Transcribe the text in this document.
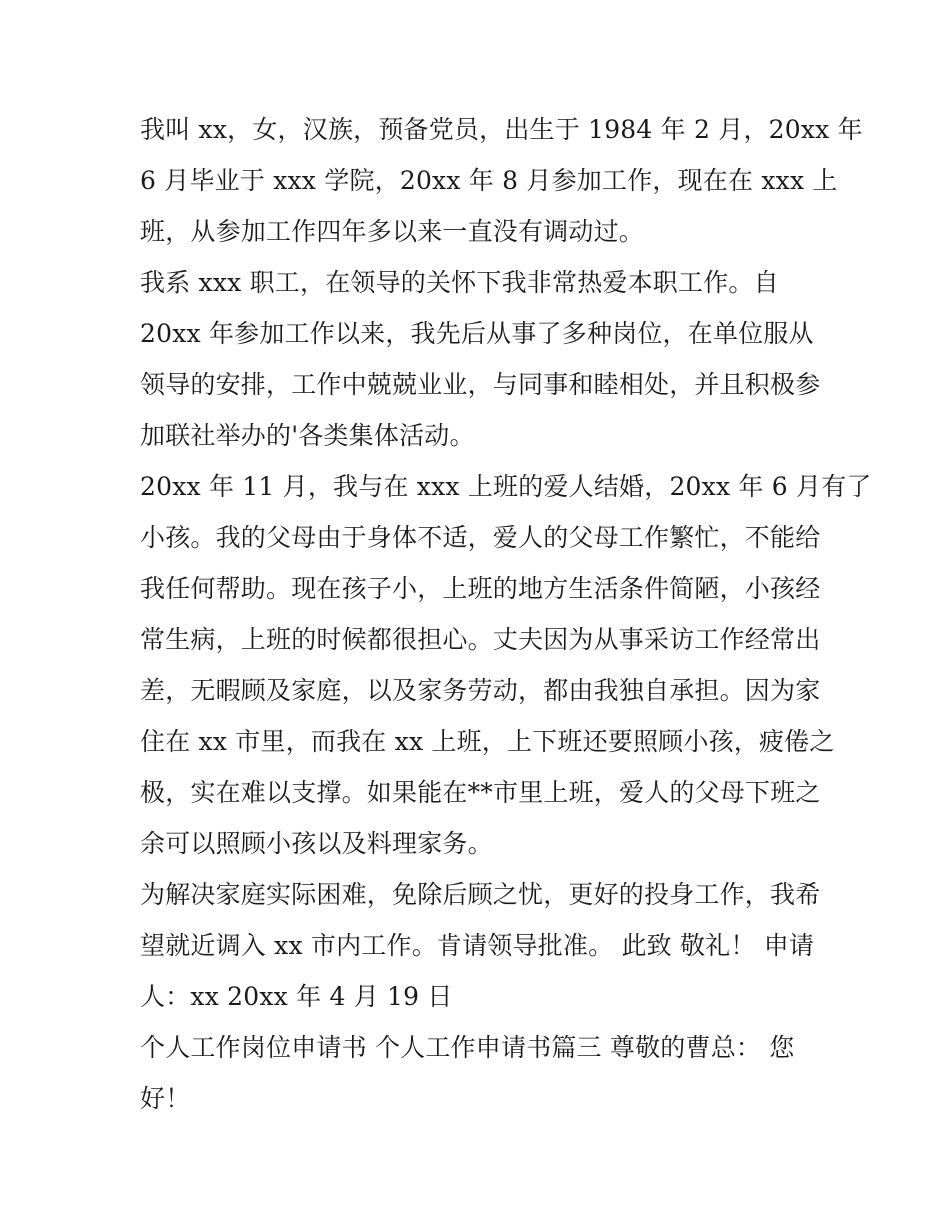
我叫 xx，女，汉族，预备党员，出生于 1984 年 2 月，20xx 年
6 月毕业于 xxx 学院，20xx 年 8 月参加工作，现在在 xxx 上
班，从参加工作四年多以来一直没有调动过。
我系 xxx 职工，在领导的关怀下我非常热爱本职工作。自
20xx 年参加工作以来，我先后从事了多种岗位，在单位服从
领导的安排，工作中兢兢业业，与同事和睦相处，并且积极参
加联社举办的'各类集体活动。
20xx 年 11 月，我与在 xxx 上班的爱人结婚，20xx 年 6 月有了
小孩。我的父母由于身体不适，爱人的父母工作繁忙，不能给
我任何帮助。现在孩子小，上班的地方生活条件简陋，小孩经
常生病，上班的时候都很担心。丈夫因为从事采访工作经常出
差，无暇顾及家庭，以及家务劳动，都由我独自承担。因为家
住在 xx 市里，而我在 xx 上班，上下班还要照顾小孩，疲倦之
极，实在难以支撑。如果能在**市里上班，爱人的父母下班之
余可以照顾小孩以及料理家务。
为解决家庭实际困难，免除后顾之忧，更好的投身工作，我希
望就近调入 xx 市内工作。肯请领导批准。 此致 敬礼！ 申请
人：xx 20xx 年 4 月 19 日
个人工作岗位申请书 个人工作申请书篇三 尊敬的曹总： 您
好！
